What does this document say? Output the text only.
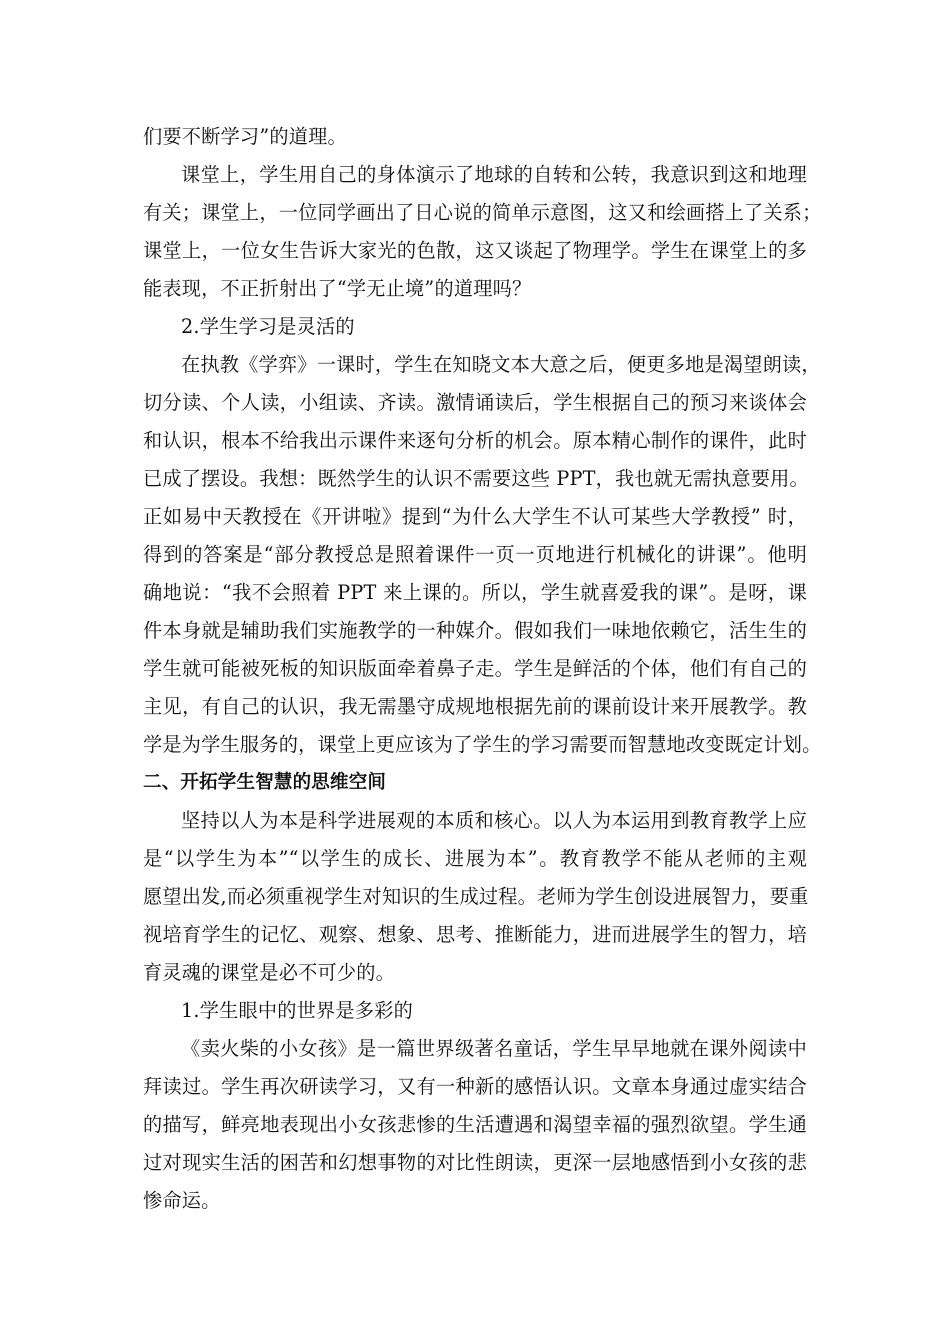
们要不断学习”的道理。
课堂上，学生用自己的身体演示了地球的自转和公转，我意识到这和地理
有关；课堂上，一位同学画出了日心说的简单示意图，这又和绘画搭上了关系；
课堂上，一位女生告诉大家光的色散，这又谈起了物理学。学生在课堂上的多
能表现，不正折射出了“学无止境”的道理吗？
2.学生学习是灵活的
在执教《学弈》一课时，学生在知晓文本大意之后，便更多地是渴望朗读，
切分读、个人读，小组读、齐读。激情诵读后，学生根据自己的预习来谈体会
和认识，根本不给我出示课件来逐句分析的机会。原本精心制作的课件，此时
已成了摆设。我想：既然学生的认识不需要这些 PPT，我也就无需执意要用。
正如易中天教授在《开讲啦》提到“为什么大学生不认可某些大学教授” 时，
得到的答案是“部分教授总是照着课件一页一页地进行机械化的讲课”。他明
确地说：“我不会照着 PPT 来上课的。所以，学生就喜爱我的课”。是呀，课
件本身就是辅助我们实施教学的一种媒介。假如我们一味地依赖它，活生生的
学生就可能被死板的知识版面牵着鼻子走。学生是鲜活的个体，他们有自己的
主见，有自己的认识，我无需墨守成规地根据先前的课前设计来开展教学。教
学是为学生服务的，课堂上更应该为了学生的学习需要而智慧地改变既定计划。
二、开拓学生智慧的思维空间
坚持以人为本是科学进展观的本质和核心。以人为本运用到教育教学上应
是“以学生为本”“以学生的成长、进展为本”。教育教学不能从老师的主观
愿望出发,而必须重视学生对知识的生成过程。老师为学生创设进展智力，要重
视培育学生的记忆、观察、想象、思考、推断能力，进而进展学生的智力，培
育灵魂的课堂是必不可少的。
1.学生眼中的世界是多彩的
《卖火柴的小女孩》是一篇世界级著名童话，学生早早地就在课外阅读中
拜读过。学生再次研读学习，又有一种新的感悟认识。文章本身通过虚实结合
的描写，鲜亮地表现出小女孩悲惨的生活遭遇和渴望幸福的强烈欲望。学生通
过对现实生活的困苦和幻想事物的对比性朗读，更深一层地感悟到小女孩的悲
惨命运。
